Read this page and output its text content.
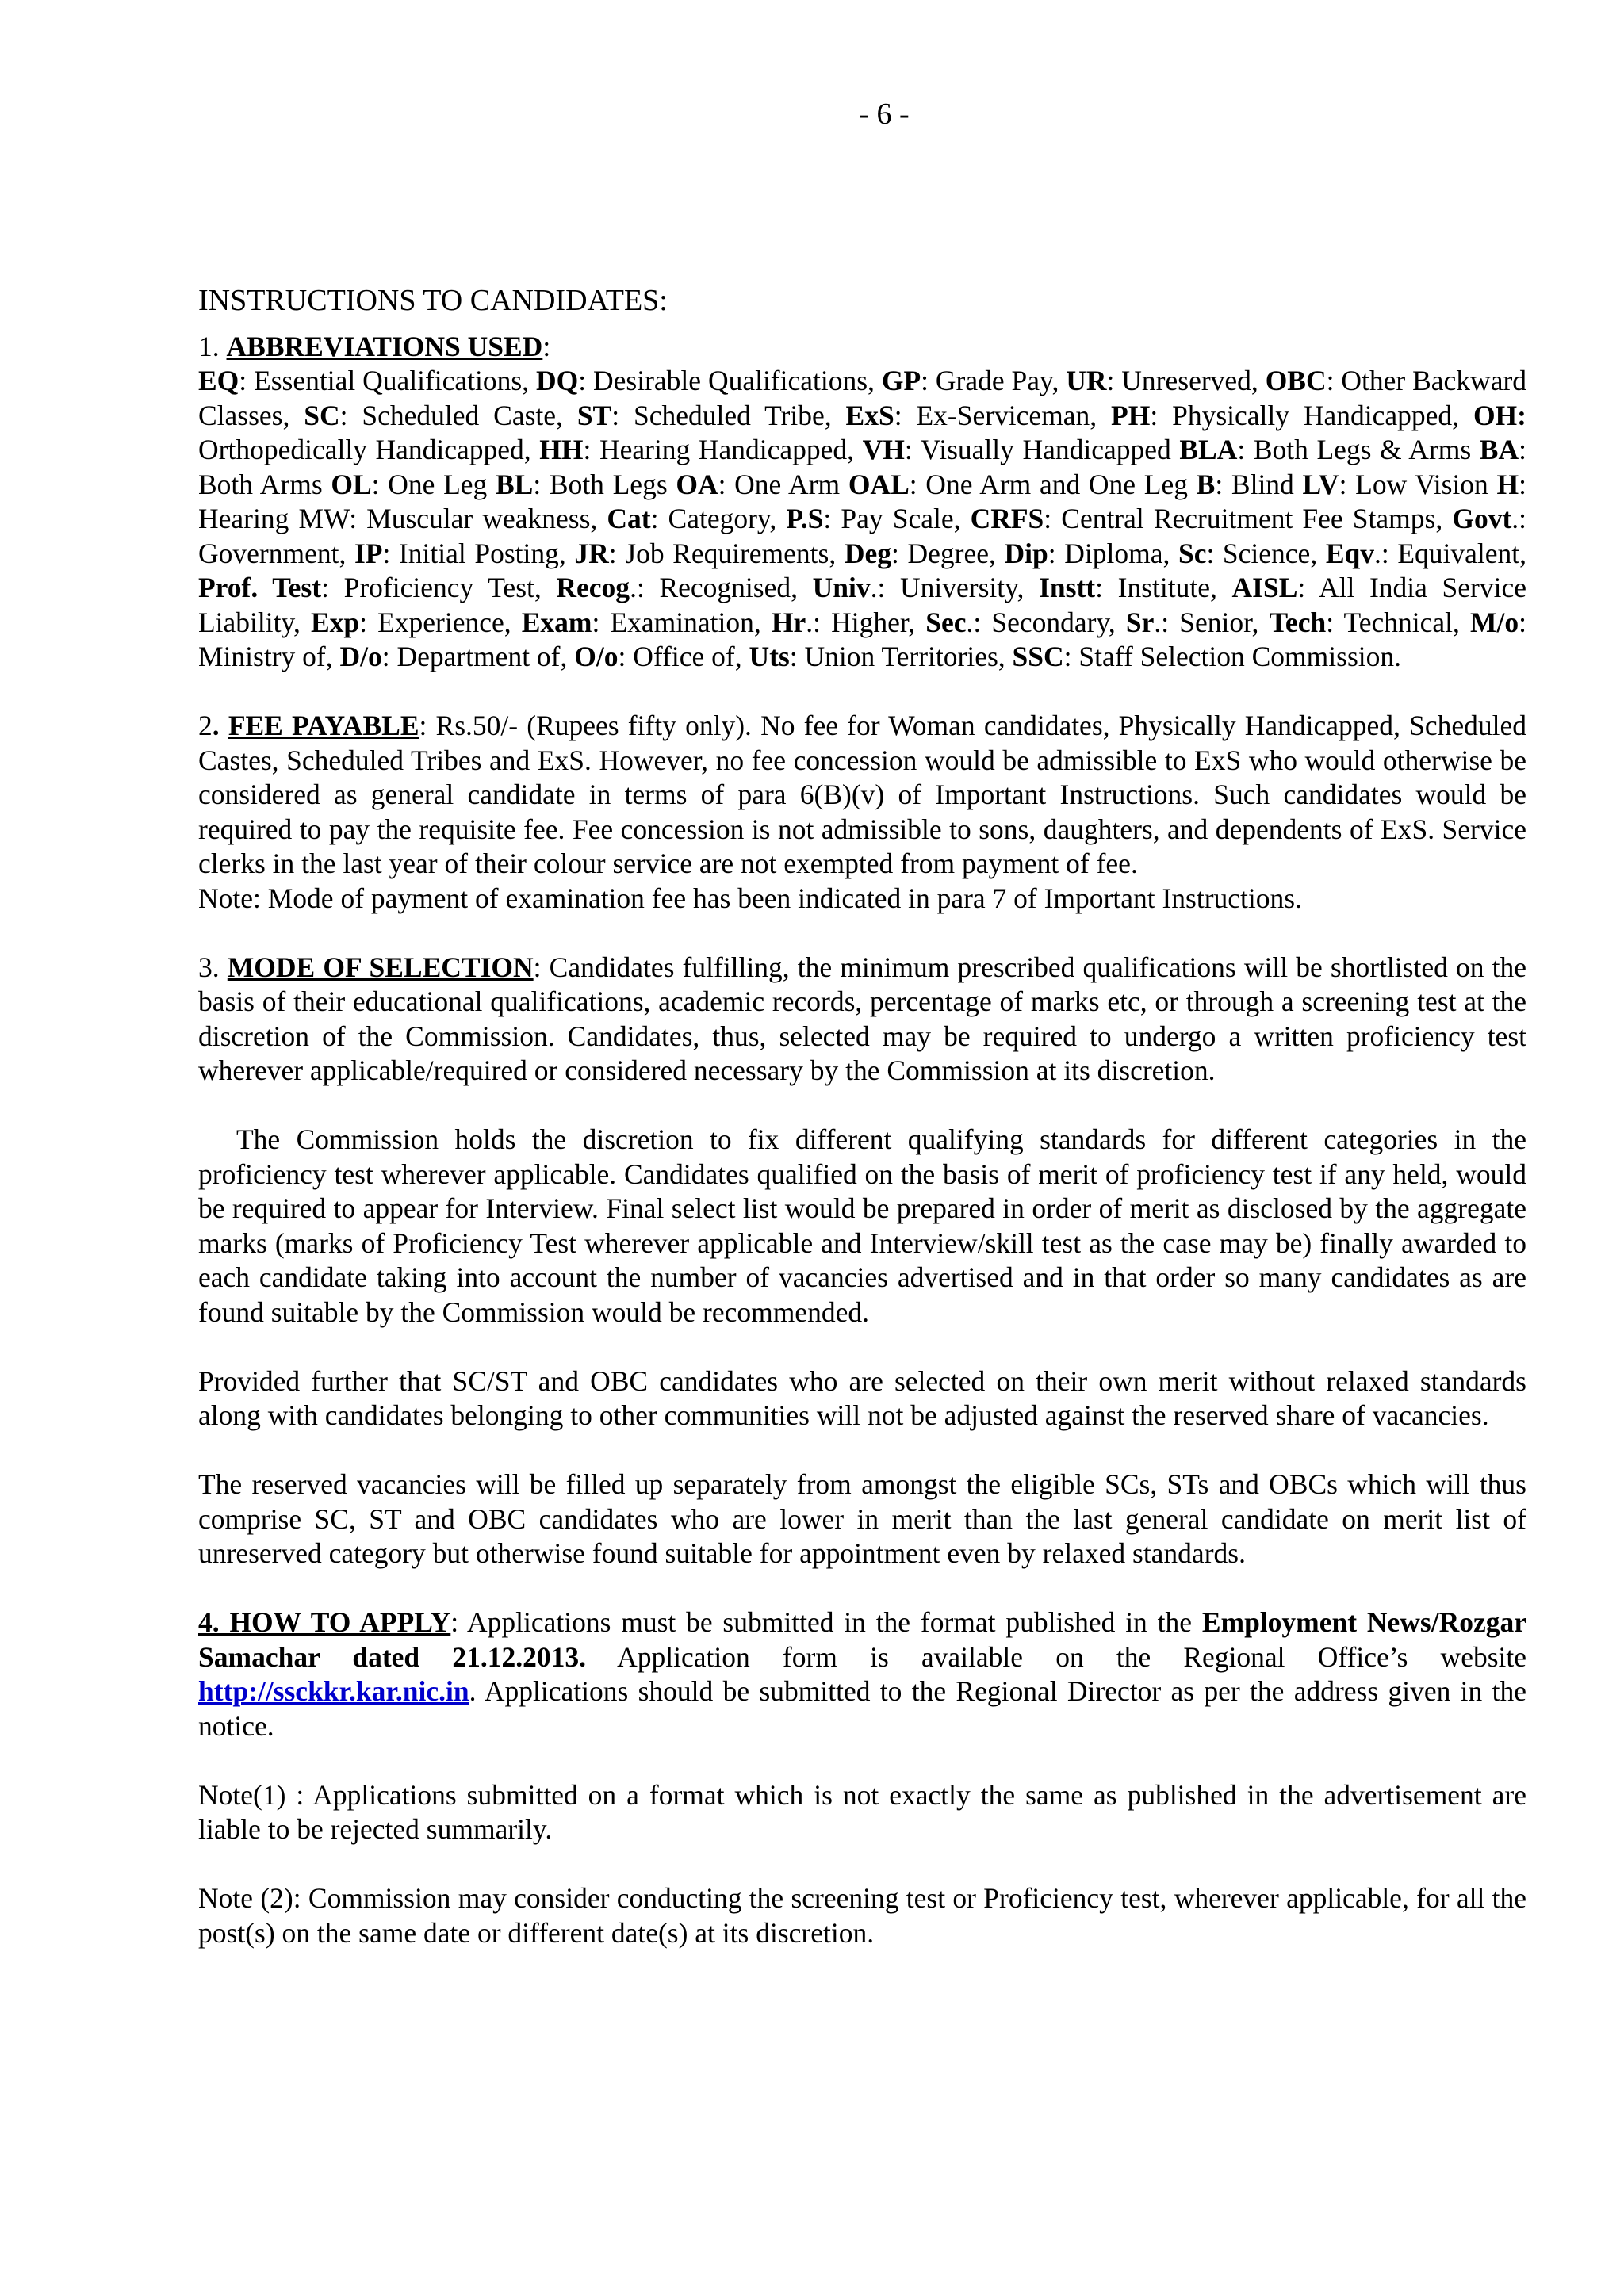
- 6 -
INSTRUCTIONS TO CANDIDATES:

1. ABBREVIATIONS USED:

EQ: Essential Qualifications, DQ: Desirable Qualifications, GP: Grade Pay, UR: Unreserved, OBC: Other Backward Classes, SC: Scheduled Caste, ST: Scheduled Tribe, ExS: Ex-Serviceman, PH: Physically Handicapped, OH: Orthopedically Handicapped, HH: Hearing Handicapped, VH: Visually Handicapped BLA: Both Legs & Arms BA: Both Arms OL: One Leg BL: Both Legs OA: One Arm OAL: One Arm and One Leg B: Blind LV: Low Vision H: Hearing MW: Muscular weakness, Cat: Category, P.S: Pay Scale, CRFS: Central Recruitment Fee Stamps, Govt.: Government, IP: Initial Posting, JR: Job Requirements, Deg: Degree, Dip: Diploma, Sc: Science, Eqv.: Equivalent, Prof. Test: Proficiency Test, Recog.: Recognised, Univ.: University, Instt: Institute, AISL: All India Service Liability, Exp: Experience, Exam: Examination, Hr.: Higher, Sec.: Secondary, Sr.: Senior, Tech: Technical, M/o: Ministry of, D/o: Department of, O/o: Office of, Uts: Union Territories, SSC: Staff Selection Commission.

2. FEE PAYABLE: Rs.50/- (Rupees fifty only). No fee for Woman candidates, Physically Handicapped, Scheduled Castes, Scheduled Tribes and ExS. However, no fee concession would be admissible to ExS who would otherwise be considered as general candidate in terms of para 6(B)(v) of Important Instructions. Such candidates would be required to pay the requisite fee. Fee concession is not admissible to sons, daughters, and dependents of ExS. Service clerks in the last year of their colour service are not exempted from payment of fee.

Note: Mode of payment of examination fee has been indicated in para 7 of Important Instructions.

3. MODE OF SELECTION: Candidates fulfilling, the minimum prescribed qualifications will be shortlisted on the basis of their educational qualifications, academic records, percentage of marks etc, or through a screening test at the discretion of the Commission. Candidates, thus, selected may be required to undergo a written proficiency test wherever applicable/required or considered necessary by the Commission at its discretion.

The Commission holds the discretion to fix different qualifying standards for different categories in the proficiency test wherever applicable. Candidates qualified on the basis of merit of proficiency test if any held, would be required to appear for Interview. Final select list would be prepared in order of merit as disclosed by the aggregate marks (marks of Proficiency Test wherever applicable and Interview/skill test as the case may be) finally awarded to each candidate taking into account the number of vacancies advertised and in that order so many candidates as are found suitable by the Commission would be recommended.

Provided further that SC/ST and OBC candidates who are selected on their own merit without relaxed standards along with candidates belonging to other communities will not be adjusted against the reserved share of vacancies.

The reserved vacancies will be filled up separately from amongst the eligible SCs, STs and OBCs which will thus comprise SC, ST and OBC candidates who are lower in merit than the last general candidate on merit list of unreserved category but otherwise found suitable for appointment even by relaxed standards.

4. HOW TO APPLY: Applications must be submitted in the format published in the Employment News/Rozgar Samachar dated 21.12.2013. Application form is available on the Regional Office’s website http://ssckkr.kar.nic.in. Applications should be submitted to the Regional Director as per the address given in the notice.

Note(1) : Applications submitted on a format which is not exactly the same as published in the advertisement are liable to be rejected summarily.

Note (2): Commission may consider conducting the screening test or Proficiency test, wherever applicable, for all the post(s) on the same date or different date(s) at its discretion.
